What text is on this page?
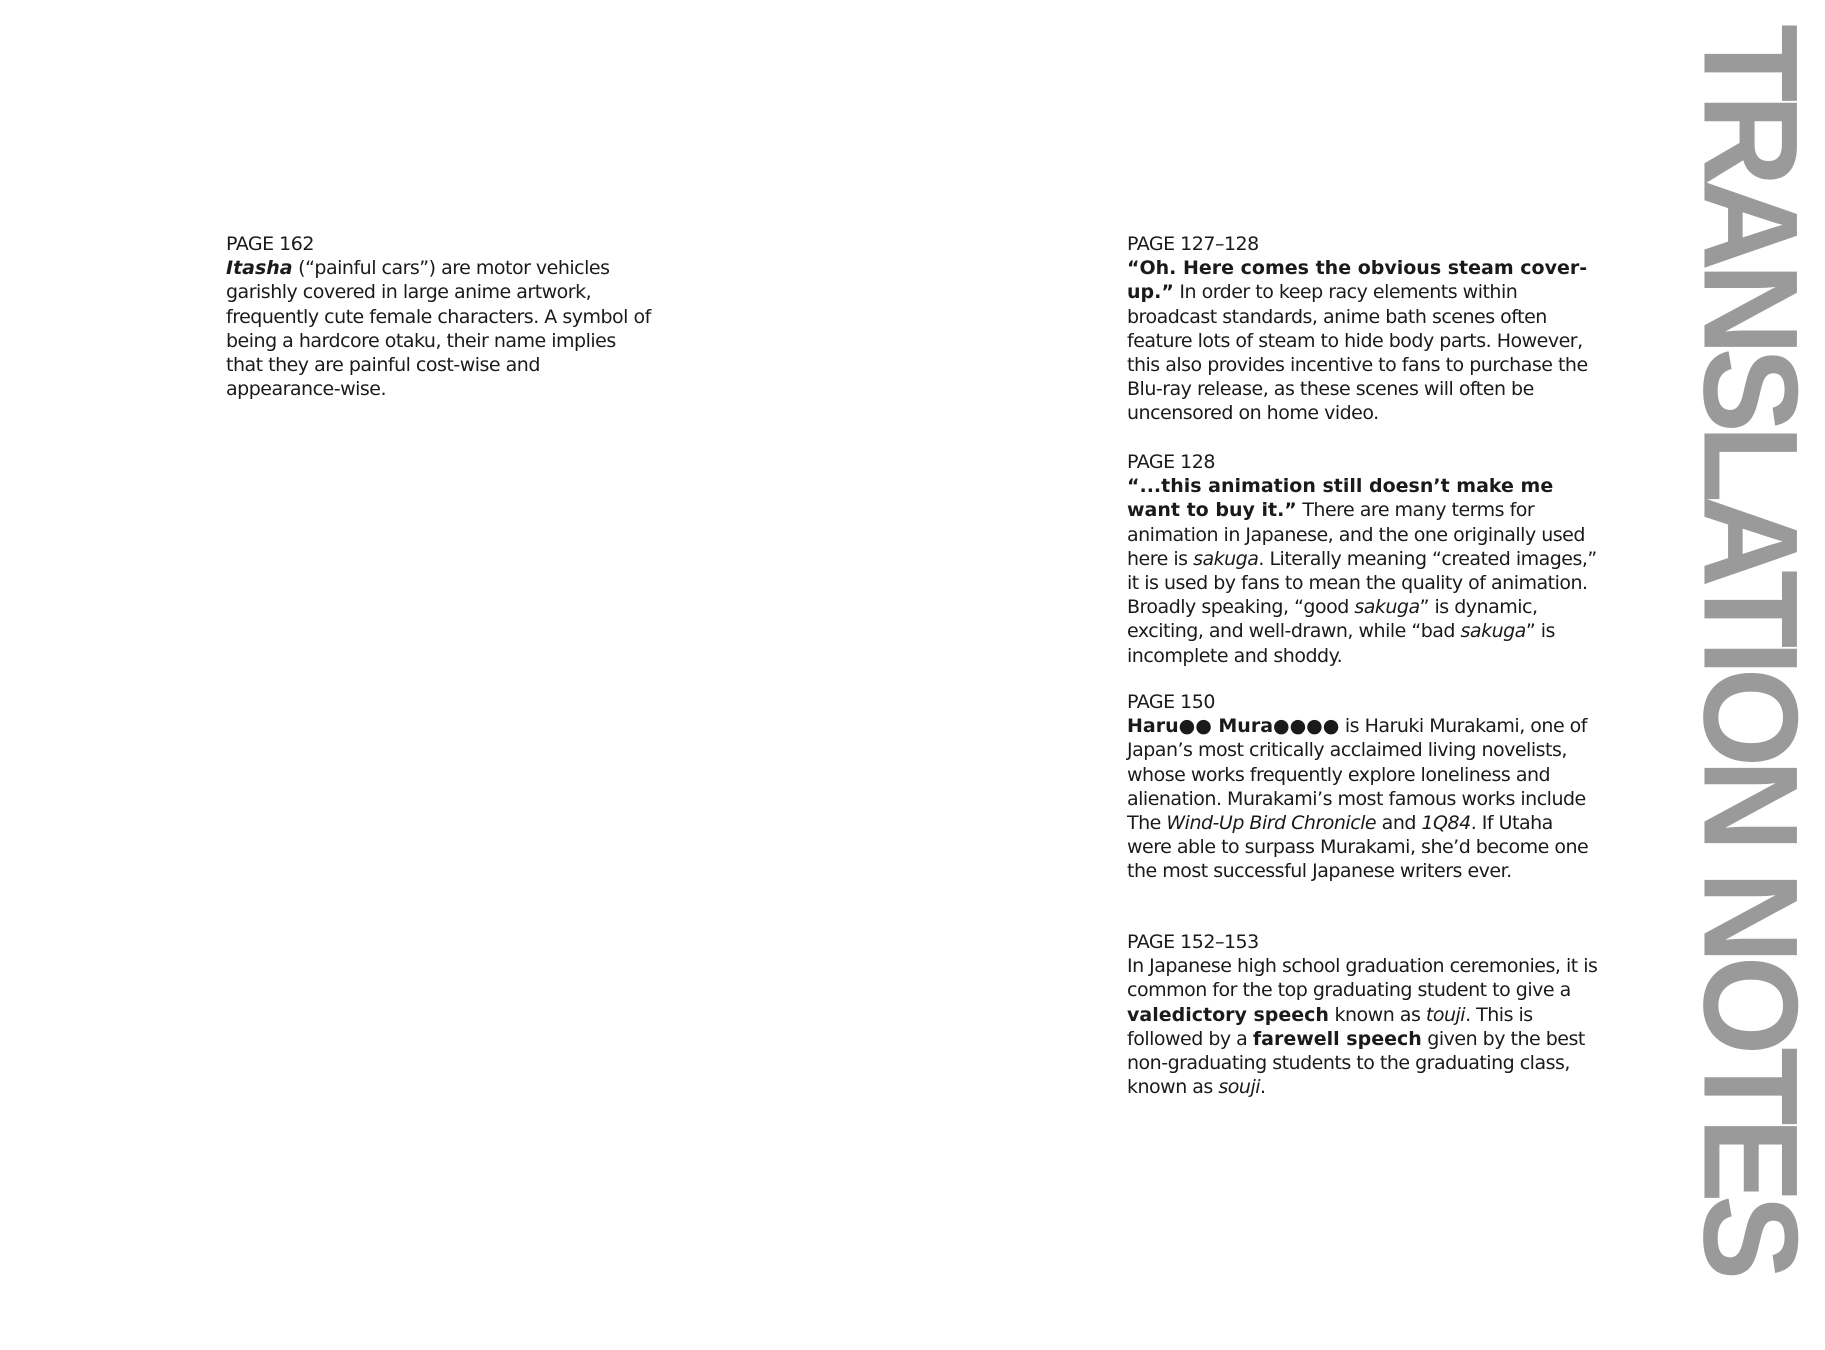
PAGE 162
Itasha (“painful cars”) are motor vehicles garishly covered in large anime artwork, frequently cute female characters. A symbol of being a hardcore otaku, their name implies that they are painful cost-wise and appearance-wise.
PAGE 127–128
“Oh. Here comes the obvious steam cover-up.” In order to keep racy elements within broadcast standards, anime bath scenes often feature lots of steam to hide body parts. However, this also provides incentive to fans to purchase the Blu-ray release, as these scenes will often be uncensored on home video.
PAGE 128
“...this animation still doesn’t make me want to buy it.” There are many terms for animation in Japanese, and the one originally used here is sakuga. Literally meaning “created images,” it is used by fans to mean the quality of animation. Broadly speaking, “good sakuga” is dynamic, exciting, and well-drawn, while “bad sakuga” is incomplete and shoddy.
PAGE 150
Haru●● Mura●●●● is Haruki Murakami, one of Japan’s most critically acclaimed living novelists, whose works frequently explore loneliness and alienation. Murakami’s most famous works include The Wind-Up Bird Chronicle and 1Q84. If Utaha were able to surpass Murakami, she’d become one the most successful Japanese writers ever.
PAGE 152–153
In Japanese high school graduation ceremonies, it is common for the top graduating student to give a valedictory speech known as touji. This is followed by a farewell speech given by the best non-graduating students to the graduating class, known as souji.	TRANSLATION NOTES
